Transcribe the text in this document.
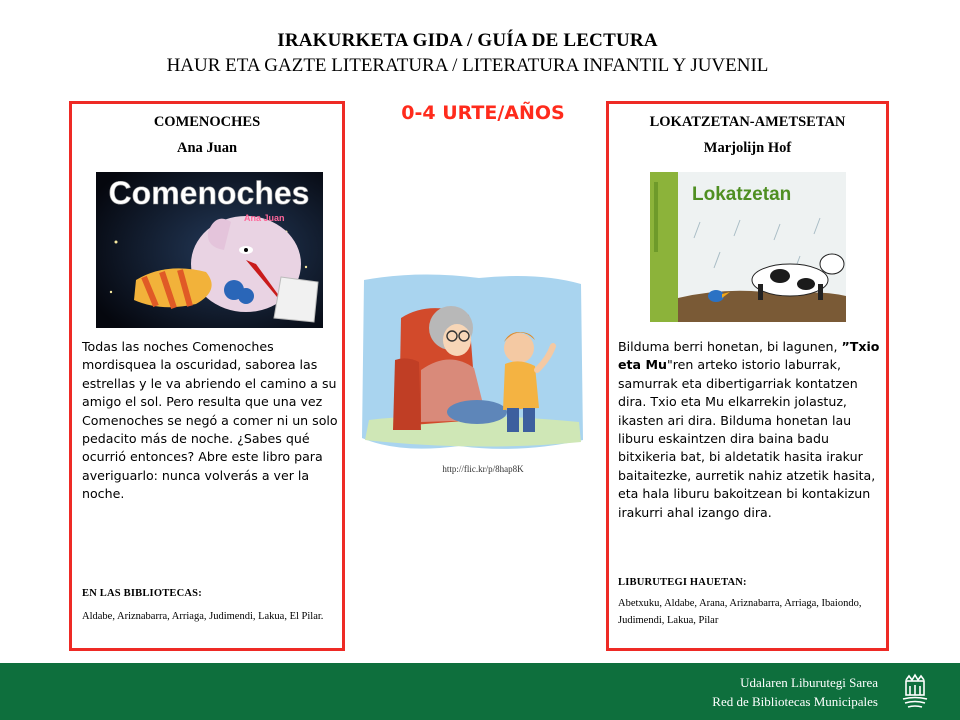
IRAKURKETA GIDA / GUÍA DE LECTURA
HAUR ETA GAZTE LITERATURA / LITERATURA INFANTIL Y JUVENIL
0-4 URTE/AÑOS
COMENOCHES
Ana Juan
Comenoches
Ana Juan
Todas las noches Comenoches mordisquea la oscuridad, saborea las estrellas y le va abriendo el camino a su amigo el sol. Pero resulta que una vez Comenoches se negó a comer ni un solo pedacito más de noche. ¿Sabes qué ocurrió entonces? Abre este libro para averiguarlo: nunca volverás a ver la noche.
EN LAS BIBLIOTECAS:
Aldabe, Ariznabarra, Arriaga, Judimendi, Lakua, El Pilar.
http://flic.kr/p/8hap8K
LOKATZETAN-AMETSETAN
Marjolijn Hof
Lokatzetan
Bilduma berri honetan, bi lagunen, ”Txio eta Mu"ren arteko istorio laburrak, samurrak eta dibertigarriak kontatzen dira. Txio eta Mu elkarrekin jolastuz, ikasten ari dira. Bilduma honetan lau liburu eskaintzen dira baina badu bitxikeria bat, bi aldetatik hasita irakur baitaitezke, aurretik nahiz atzetik hasita, eta hala liburu bakoitzean bi kontakizun irakurri ahal izango dira.
LIBURUTEGI HAUETAN:
Abetxuku, Aldabe, Arana, Ariznabarra, Arriaga, Ibaiondo, Judimendi, Lakua, Pilar
Udalaren Liburutegi Sarea
Red de Bibliotecas Municipales
